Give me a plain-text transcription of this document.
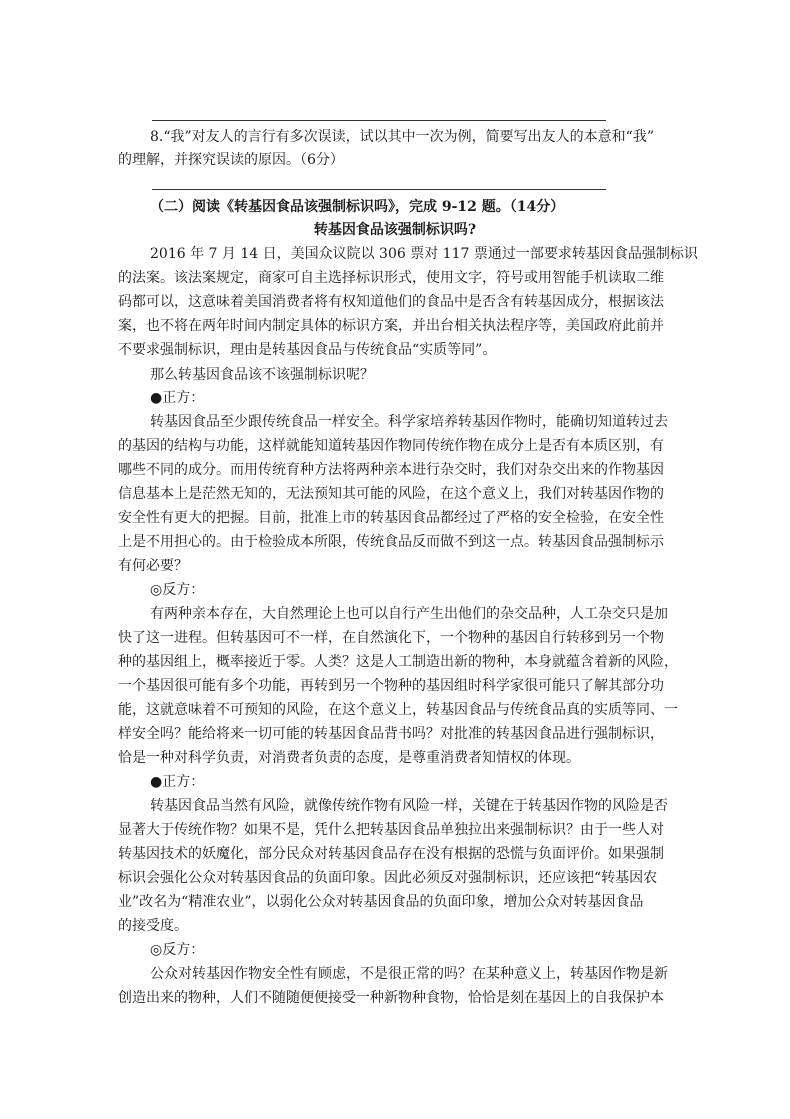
8.“我”对友人的言行有多次误读，试以其中一次为例，简要写出友人的本意和“我”
的理解，并探究误读的原因。（6分）
（二）阅读《转基因食品该强制标识吗》，完成 9-12 题。（14分）
转基因食品该强制标识吗?
2016 年 7 月 14 日，美国众议院以 306 票对 117 票通过一部要求转基因食品强制标识
的法案。该法案规定，商家可自主选择标识形式，使用文字，符号或用智能手机读取二维
码都可以，这意味着美国消费者将有权知道他们的食品中是否含有转基因成分，根据该法
案，也不将在两年时间内制定具体的标识方案，并出台相关执法程序等，美国政府此前并
不要求强制标识，理由是转基因食品与传统食品“实质等同”。
那么转基因食品该不该强制标识呢？
●正方：
转基因食品至少跟传统食品一样安全。科学家培养转基因作物时，能确切知道转过去
的基因的结构与功能，这样就能知道转基因作物同传统作物在成分上是否有本质区别，有
哪些不同的成分。而用传统育种方法将两种亲本进行杂交时，我们对杂交出来的作物基因
信息基本上是茫然无知的，无法预知其可能的风险，在这个意义上，我们对转基因作物的
安全性有更大的把握。目前，批准上市的转基因食品都经过了严格的安全检验，在安全性
上是不用担心的。由于检验成本所限，传统食品反而做不到这一点。转基因食品强制标示
有何必要？
◎反方：
有两种亲本存在，大自然理论上也可以自行产生出他们的杂交品种，人工杂交只是加
快了这一进程。但转基因可不一样，在自然演化下，一个物种的基因自行转移到另一个物
种的基因组上，概率接近于零。人类？这是人工制造出新的物种，本身就蕴含着新的风险，
一个基因很可能有多个功能，再转到另一个物种的基因组时科学家很可能只了解其部分功
能，这就意味着不可预知的风险，在这个意义上，转基因食品与传统食品真的实质等同、一
样安全吗？能给将来一切可能的转基因食品背书吗？对批准的转基因食品进行强制标识，
恰是一种对科学负责，对消费者负责的态度，是尊重消费者知情权的体现。
●正方：
转基因食品当然有风险，就像传统作物有风险一样，关键在于转基因作物的风险是否
显著大于传统作物？如果不是，凭什么把转基因食品单独拉出来强制标识？由于一些人对
转基因技术的妖魔化，部分民众对转基因食品存在没有根据的恐慌与负面评价。如果强制
标识会强化公众对转基因食品的负面印象。因此必须反对强制标识，还应该把“转基因农
业”改名为“精准农业”，以弱化公众对转基因食品的负面印象，增加公众对转基因食品
的接受度。
◎反方：
公众对转基因作物安全性有顾虑，不是很正常的吗？在某种意义上，转基因作物是新
创造出来的物种，人们不随随便便接受一种新物种食物，恰恰是刻在基因上的自我保护本
